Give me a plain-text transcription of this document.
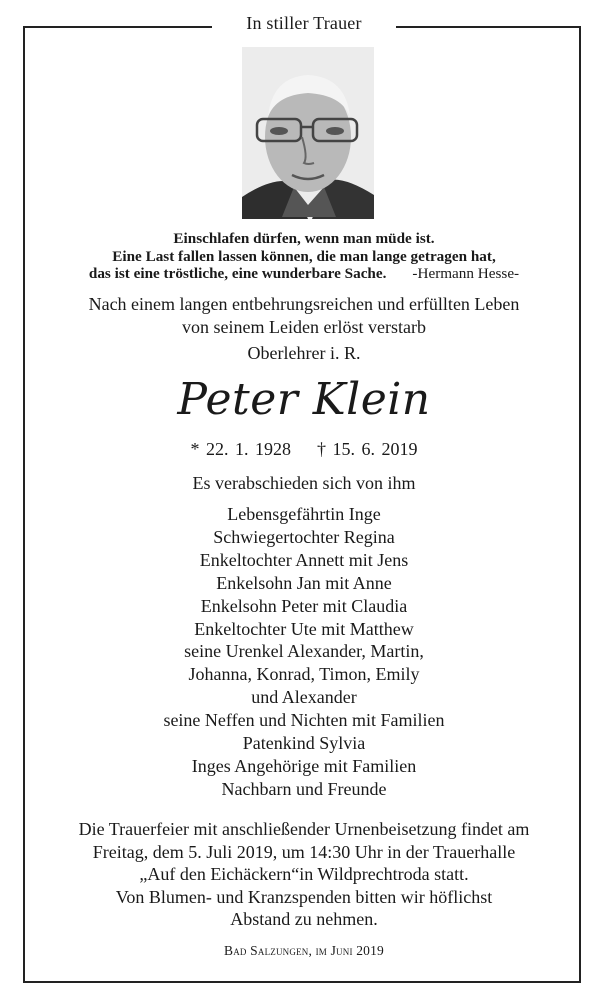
In stiller Trauer
Einschlafen dürfen, wenn man müde ist.
Eine Last fallen lassen können, die man lange getragen hat,
das ist eine tröstliche, eine wunderbare Sache. -Hermann Hesse-
Nach einem langen entbehrungsreichen und erfüllten Leben
von seinem Leiden erlöst verstarb
Oberlehrer i. R.
Peter Klein
* 22. 1. 1928 † 15. 6. 2019
Es verabschieden sich von ihm
Lebensgefährtin Inge
Schwiegertochter Regina
Enkeltochter Annett mit Jens
Enkelsohn Jan mit Anne
Enkelsohn Peter mit Claudia
Enkeltochter Ute mit Matthew
seine Urenkel Alexander, Martin,
Johanna, Konrad, Timon, Emily
und Alexander
seine Neffen und Nichten mit Familien
Patenkind Sylvia
Inges Angehörige mit Familien
Nachbarn und Freunde
Die Trauerfeier mit anschließender Urnenbeisetzung findet am
Freitag, dem 5. Juli 2019, um 14:30 Uhr in der Trauerhalle
„Auf den Eichäckern“in Wildprechtroda statt.
Von Blumen- und Kranzspenden bitten wir höflichst
Abstand zu nehmen.
Bad Salzungen, im Juni 2019
